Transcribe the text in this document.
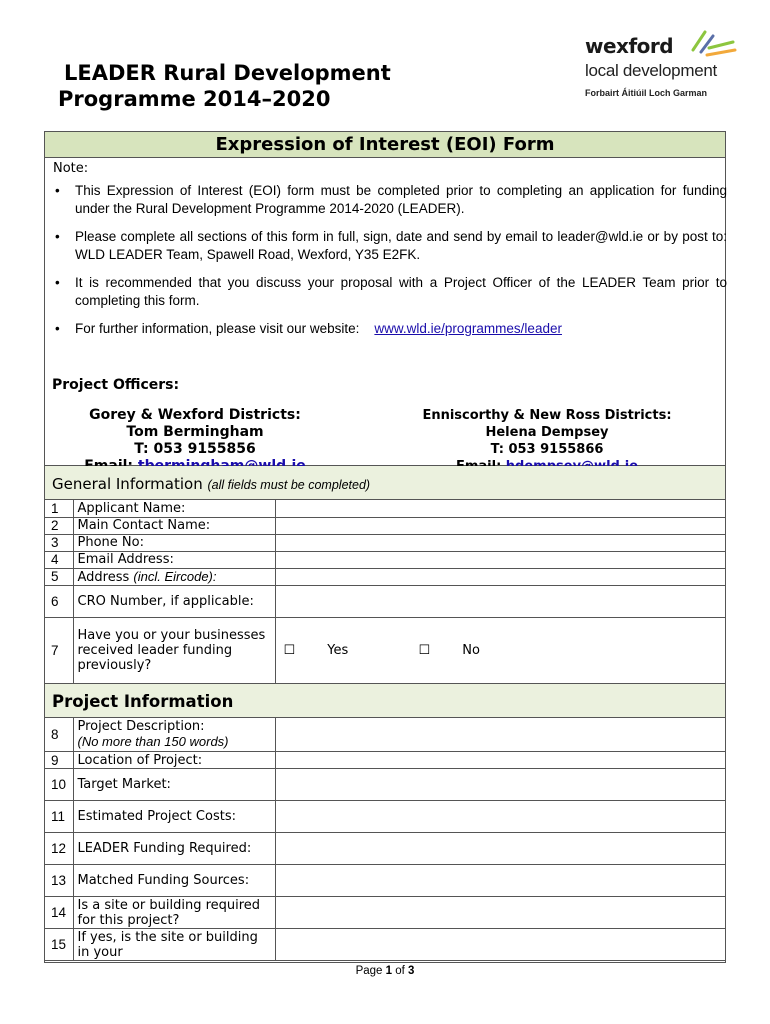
LEADER Rural Development
Programme 2014–2020
wexford
local development
Forbairt Áitiúil Loch Garman
Expression of Interest (EOI) Form
Note:
• This Expression of Interest (EOI) form must be completed prior to completing an application for funding under the Rural Development Programme 2014-2020 (LEADER).
• Please complete all sections of this form in full, sign, date and send by email to leader@wld.ie or by post to: WLD LEADER Team, Spawell Road, Wexford, Y35 E2FK.
• It is recommended that you discuss your proposal with a Project Officer of the LEADER Team prior to completing this form.
• For further information, please visit our website: www.wld.ie/programmes/leader
Project Officers:
Gorey & Wexford Districts:
Tom Bermingham
T: 053 9155856
Enniscorthy & New Ross Districts:
Helena Dempsey
T: 053 9155866
General Information (all fields must be completed)
1	Applicant Name:	
2	Main Contact Name:	
3	Phone No:	
4	Email Address:	
5	Address (incl. Eircode):	
6	CRO Number, if applicable:	
7	Have you or your businesses received leader funding previously?	☐ Yes ☐ No
Project Information
8	Project Description:
(No more than 150 words)	
9	Location of Project:	
10	Target Market:	
11	Estimated Project Costs:	
12	LEADER Funding Required:	
13	Matched Funding Sources:	
14	Is a site or building required for this project?	
15	If yes, is the site or building in your	
Page 1 of 3
